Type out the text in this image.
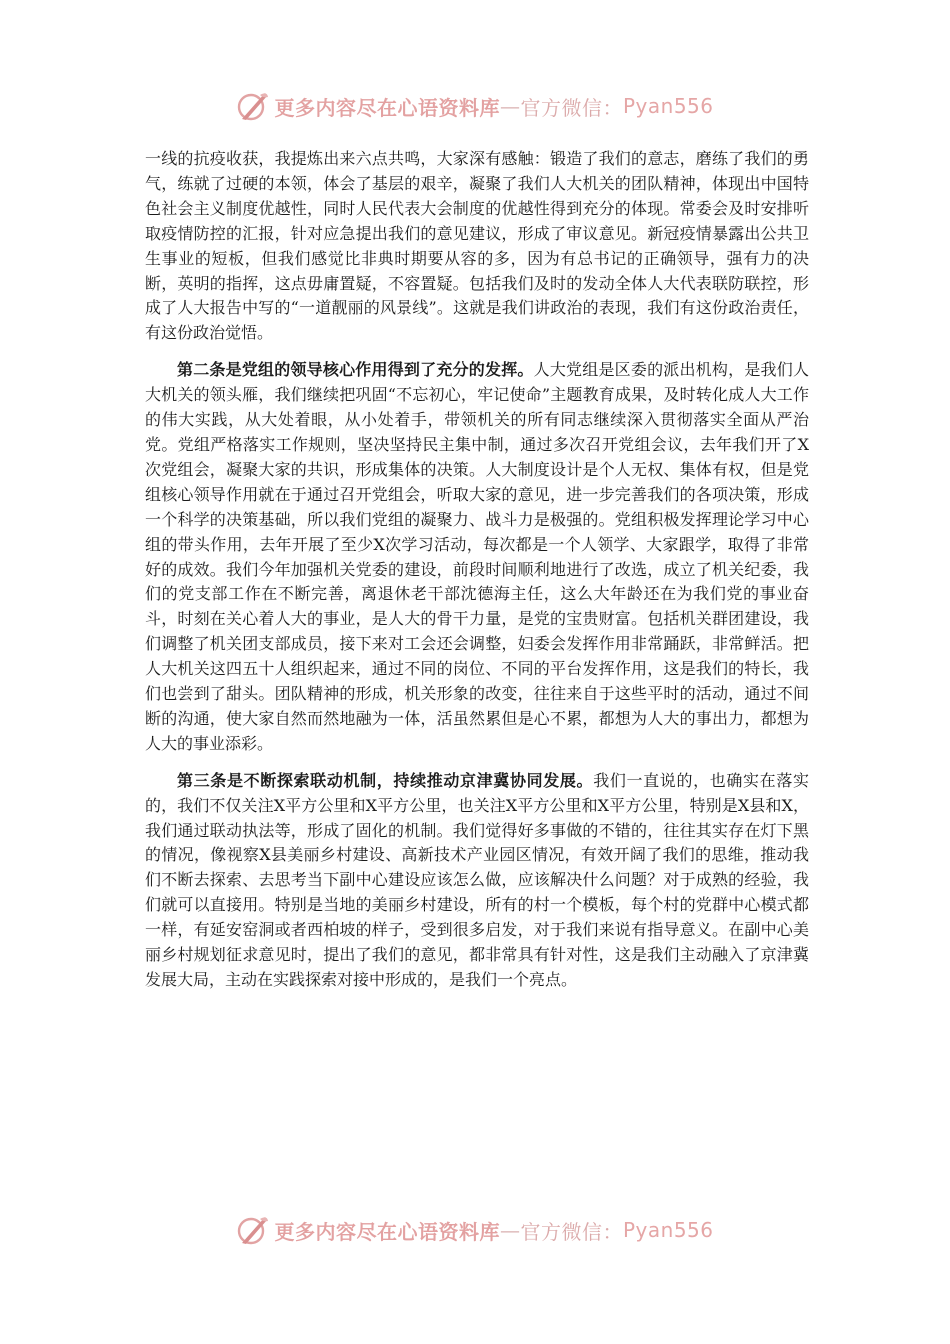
更多内容尽在心语资料库 — 官方微信： Pyan556

一线的抗疫收获，我提炼出来六点共鸣，大家深有感触：锻造了我们的意志，磨练了我们的勇气，练就了过硬的本领，体会了基层的艰辛，凝聚了我们人大机关的团队精神，体现出中国特色社会主义制度优越性，同时人民代表大会制度的优越性得到充分的体现。常委会及时安排听取疫情防控的汇报，针对应急提出我们的意见建议，形成了审议意见。新冠疫情暴露出公共卫生事业的短板，但我们感觉比非典时期要从容的多，因为有总书记的正确领导，强有力的决断，英明的指挥，这点毋庸置疑，不容置疑。包括我们及时的发动全体人大代表联防联控，形成了人大报告中写的“一道靓丽的风景线”。这就是我们讲政治的表现，我们有这份政治责任，有这份政治觉悟。

第二条是党组的领导核心作用得到了充分的发挥。人大党组是区委的派出机构，是我们人大机关的领头雁，我们继续把巩固“不忘初心，牢记使命”主题教育成果，及时转化成人大工作的伟大实践，从大处着眼，从小处着手，带领机关的所有同志继续深入贯彻落实全面从严治党。党组严格落实工作规则，坚决坚持民主集中制，通过多次召开党组会议，去年我们开了X次党组会，凝聚大家的共识，形成集体的决策。人大制度设计是个人无权、集体有权，但是党组核心领导作用就在于通过召开党组会，听取大家的意见，进一步完善我们的各项决策，形成一个科学的决策基础，所以我们党组的凝聚力、战斗力是极强的。党组积极发挥理论学习中心组的带头作用，去年开展了至少X次学习活动，每次都是一个人领学、大家跟学，取得了非常好的成效。我们今年加强机关党委的建设，前段时间顺利地进行了改选，成立了机关纪委，我们的党支部工作在不断完善，离退休老干部沈德海主任，这么大年龄还在为我们党的事业奋斗，时刻在关心着人大的事业，是人大的骨干力量，是党的宝贵财富。包括机关群团建设，我们调整了机关团支部成员，接下来对工会还会调整，妇委会发挥作用非常踊跃，非常鲜活。把人大机关这四五十人组织起来，通过不同的岗位、不同的平台发挥作用，这是我们的特长，我们也尝到了甜头。团队精神的形成，机关形象的改变，往往来自于这些平时的活动，通过不间断的沟通，使大家自然而然地融为一体，活虽然累但是心不累，都想为人大的事出力，都想为人大的事业添彩。

第三条是不断探索联动机制，持续推动京津冀协同发展。我们一直说的，也确实在落实的，我们不仅关注X平方公里和X平方公里，也关注X平方公里和X平方公里，特别是X县和X，我们通过联动执法等，形成了固化的机制。我们觉得好多事做的不错的，往往其实存在灯下黑的情况，像视察X县美丽乡村建设、高新技术产业园区情况，有效开阔了我们的思维，推动我们不断去探索、去思考当下副中心建设应该怎么做，应该解决什么问题？对于成熟的经验，我们就可以直接用。特别是当地的美丽乡村建设，所有的村一个模板，每个村的党群中心模式都一样，有延安窑洞或者西柏坡的样子，受到很多启发，对于我们来说有指导意义。在副中心美丽乡村规划征求意见时，提出了我们的意见，都非常具有针对性，这是我们主动融入了京津冀发展大局，主动在实践探索对接中形成的，是我们一个亮点。

更多内容尽在心语资料库 — 官方微信： Pyan556
